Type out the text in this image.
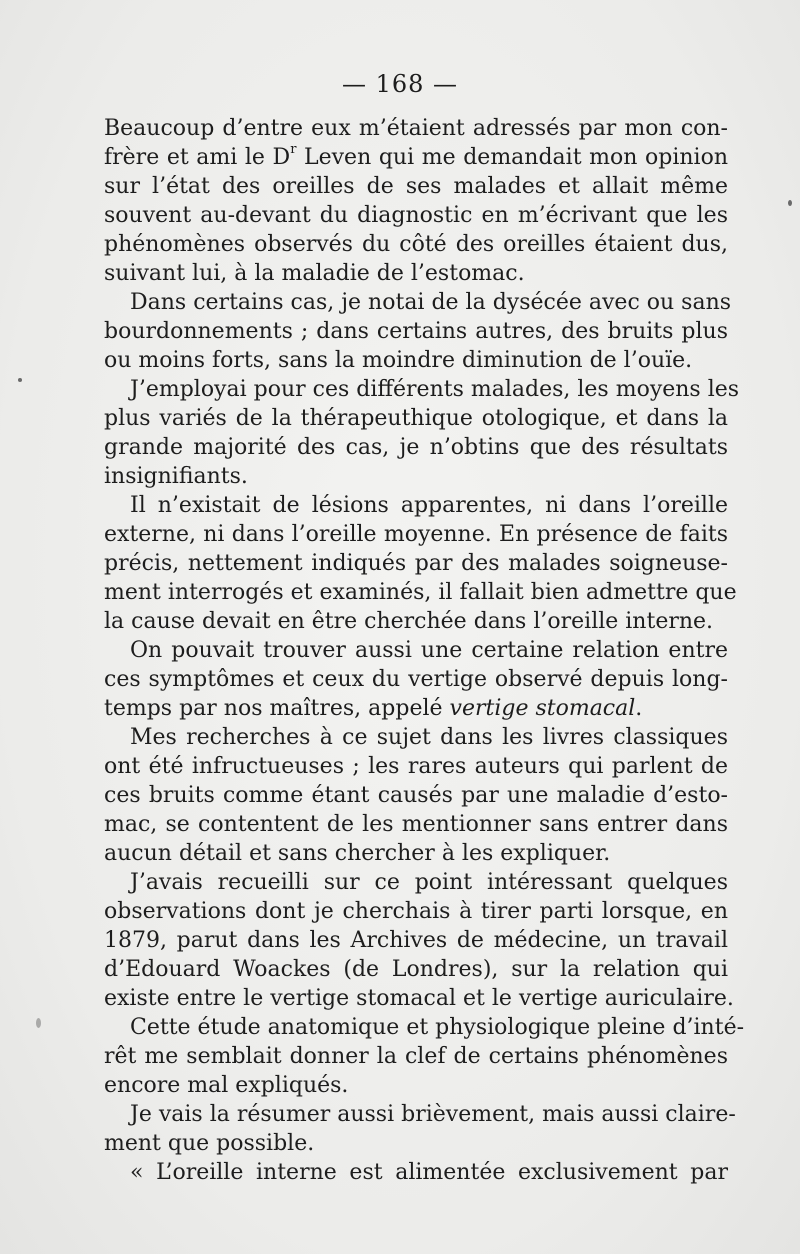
— 168 —
Beaucoup d’entre eux m’étaient adressés par mon con-
frère et ami le $D^r$ Leven qui me demandait mon opinion
sur l’état des oreilles de ses malades et allait même
souvent au-devant du diagnostic en m’écrivant que les
phénomènes observés du côté des oreilles étaient dus,
suivant lui, à la maladie de l’estomac.
Dans certains cas, je notai de la dysécée avec ou sans
bourdonnements ; dans certains autres, des bruits plus
ou moins forts, sans la moindre diminution de l’ouïe.
J’employai pour ces différents malades, les moyens les
plus variés de la thérapeuthique otologique, et dans la
grande majorité des cas, je n’obtins que des résultats
insignifiants.
Il n’existait de lésions apparentes, ni dans l’oreille
externe, ni dans l’oreille moyenne. En présence de faits
précis, nettement indiqués par des malades soigneuse-
ment interrogés et examinés, il fallait bien admettre que
la cause devait en être cherchée dans l’oreille interne.
On pouvait trouver aussi une certaine relation entre
ces symptômes et ceux du vertige observé depuis long-
temps par nos maîtres, appelé vertige stomacal.
Mes recherches à ce sujet dans les livres classiques
ont été infructueuses ; les rares auteurs qui parlent de
ces bruits comme étant causés par une maladie d’esto-
mac, se contentent de les mentionner sans entrer dans
aucun détail et sans chercher à les expliquer.
J’avais recueilli sur ce point intéressant quelques
observations dont je cherchais à tirer parti lorsque, en
1879, parut dans les Archives de médecine, un travail
d’Edouard Woackes (de Londres), sur la relation qui
existe entre le vertige stomacal et le vertige auriculaire.
Cette étude anatomique et physiologique pleine d’inté-
rêt me semblait donner la clef de certains phénomènes
encore mal expliqués.
Je vais la résumer aussi brièvement, mais aussi claire-
ment que possible.
« L’oreille interne est alimentée exclusivement par
